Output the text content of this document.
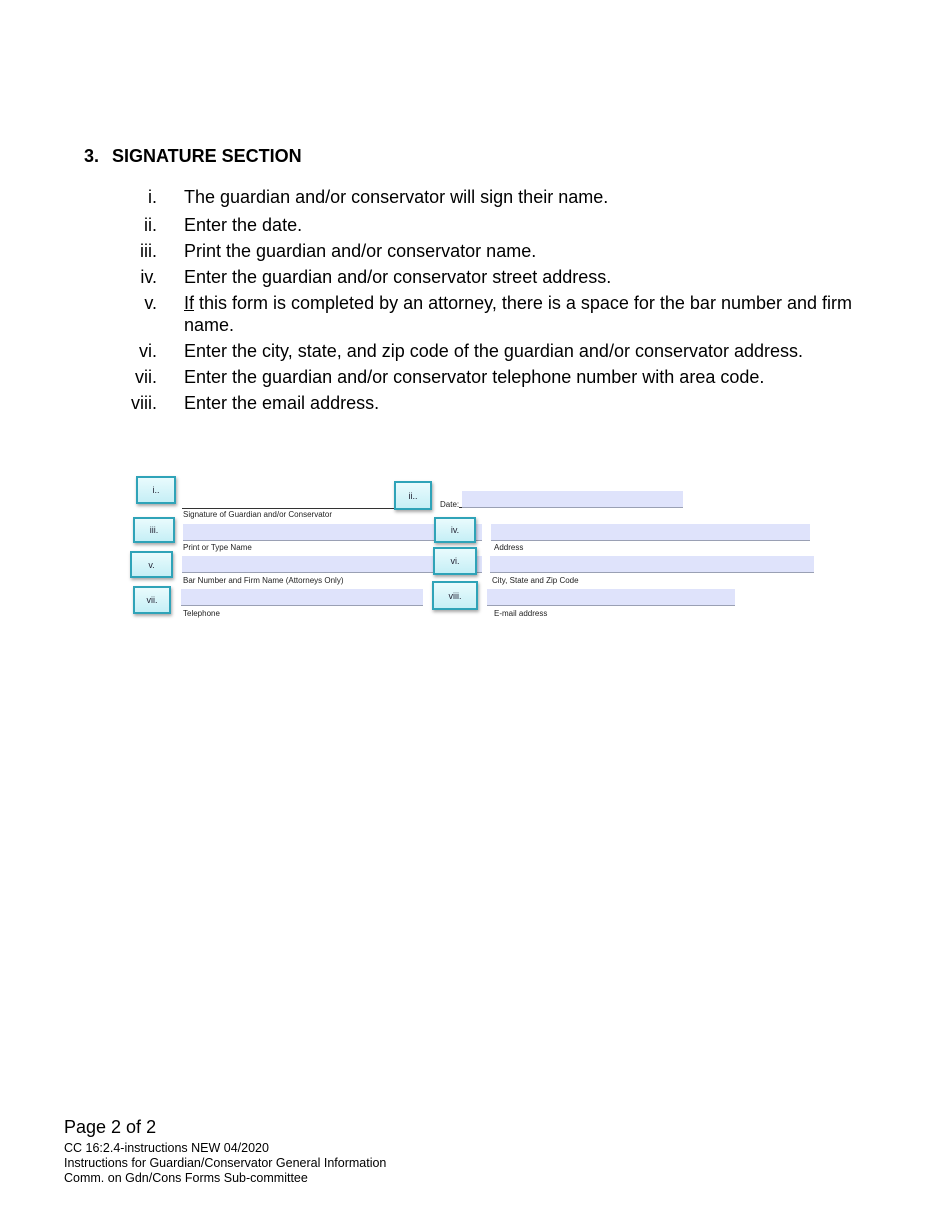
3. SIGNATURE SECTION
i. The guardian and/or conservator will sign their name.
ii. Enter the date.
iii. Print the guardian and/or conservator name.
iv. Enter the guardian and/or conservator street address.
v. If this form is completed by an attorney, there is a space for the bar number and firm name.
vi. Enter the city, state, and zip code of the guardian and/or conservator address.
vii. Enter the guardian and/or conservator telephone number with area code.
viii. Enter the email address.
Signature of Guardian and/or Conservator
Date:
Print or Type Name	Address
Bar Number and Firm Name (Attorneys Only)	City, State and Zip Code
Telephone	E-mail address
i..
ii..
iii.	iv.
v.	vi.
vii.	viii.
Page 2 of 2
CC 16:2.4-instructions NEW 04/2020
Instructions for Guardian/Conservator General Information
Comm. on Gdn/Cons Forms Sub-committee
